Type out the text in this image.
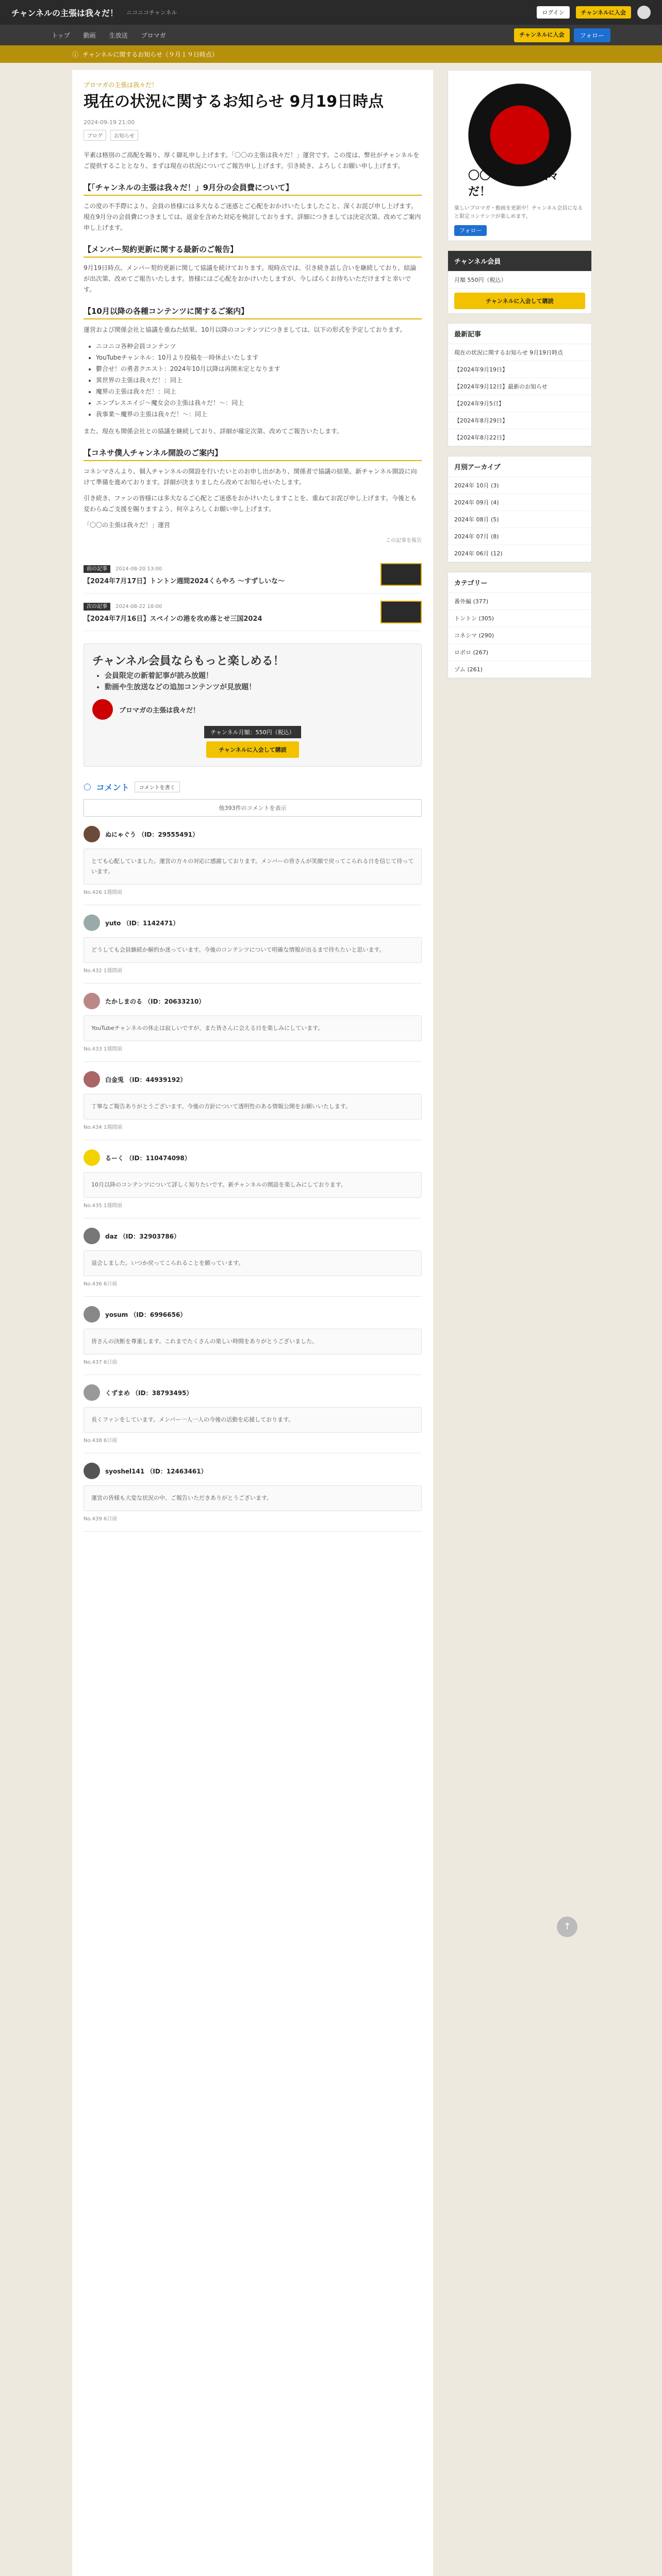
チャンネルの主張は我々だ！ ニコニコチャンネル	ログイン	チャンネルに入会
トップ 動画 生放送 ブロマガ	チャンネルに入会	フォロー
ⓘ チャンネルに関するお知らせ（９月１９日時点）
ブロマガの主張は我々だ！
現在の状況に関するお知らせ 9月19日時点
2024-09-19 21:00
ブログ お知らせ

平素は格別のご高配を賜り、厚く御礼申し上げます。「〇〇の主張は我々だ！」運営です。この度は、弊社がチャンネルをご提供することとなり、まずは現在の状況についてご報告申し上げます。引き続き、よろしくお願い申し上げます。

【「チャンネルの主張は我々だ！」9月分の会員費について】

この度の不手際により、会員の皆様には多大なるご迷惑とご心配をおかけいたしましたこと、深くお詫び申し上げます。現在9月分の会員費につきましては、返金を含めた対応を検討しております。詳細につきましては決定次第、改めてご案内申し上げます。

【メンバー契約更新に関する最新のご報告】

9月19日時点、メンバー契約更新に関して協議を続けております。現時点では、引き続き話し合いを継続しており、結論が出次第、改めてご報告いたします。皆様にはご心配をおかけいたしますが、今しばらくお待ちいただけますと幸いです。

【10月以降の各種コンテンツに関するご案内】

運営および関係会社と協議を重ねた結果、10月以降のコンテンツにつきましては、以下の形式を予定しております。

• ニコニコ各种会員コンテンツ
• YouTubeチャンネル：10月より投稿を一時休止いたします
• 鬱合せ！の勇者クエスト：2024年10月以降は再開未定となります
• 異世界の主張は我々だ！：同上
• 魔界の主張は我々だ！：同上
• エンプレスエイジ〜魔女会の主張は我々だ！〜：同上
• 我事業～魔界の主張は我々だ！～：同上

また、現在も関係会社との協議を継続しており、詳細が確定次第、改めてご報告いたします。

【コネサ僕人チャンネル開設のご案内】

コネシマさんより、個人チャンネルの開設を行いたいとのお申し出があり、関係者で協議の結果、新チャンネル開設に向けて準備を進めております。詳細が決まりましたら改めてお知らせいたします。

引き続き、ファンの皆様には多大なるご心配とご迷惑をおかけいたしますことを、重ねてお詫び申し上げます。今後とも変わらぬご支援を賜りますよう、何卒よろしくお願い申し上げます。

「〇〇の主張は我々だ！」運営

この記事を報告
前の記事 2024-08-20 13:00
【2024年7月17日】トントン週間2024くらやろ ～すずしいな～
次の記事 2024-08-22 18:00
【2024年7月16日】スペインの港を攻め落とせ三国2024
チャンネル会員ならもっと楽しめる！
• 会員限定の新着記事が読み放題！
• 動画や生放送などの追加コンテンツが見放題！
ブロマガの主張は我々だ！
チャンネル月額：550円（税込）
チャンネルに入会して購読
◯ コメント	コメントを書く
他393件のコメントを表示
ぬにゃぐう （ID：29555491）
とても心配していました。運営の方々の対応に感謝しております。メンバーの皆さんが笑顔で戻ってこられる日を信じて待っています。
No.426 1週間前
yuto （ID：1142471）
どうしても会員継続か解約か迷っています。今後のコンテンツについて明確な情報が出るまで待ちたいと思います。
No.432 1週間前
たかしまのる （ID：20633210）
YouTubeチャンネルの休止は寂しいですが、また皆さんに会える日を楽しみにしています。
No.433 1週間前
白金兎 （ID：44939192）
丁寧なご報告ありがとうございます。今後の方針について透明性のある情報公開をお願いいたします。
No.434 1週間前
るーく （ID：110474098）
10月以降のコンテンツについて詳しく知りたいです。新チャンネルの開設を楽しみにしております。
No.435 1週間前
daz （ID：32903786）
退会しました。いつか戻ってこられることを願っています。
No.436 6日前
yosum （ID：6996656）
皆さんの決断を尊重します。これまでたくさんの楽しい時間をありがとうございました。
No.437 6日前
くずまめ （ID：38793495）
長くファンをしています。メンバー一人一人の今後の活動を応援しております。
No.438 6日前
syoshel141 （ID：12463461）
運営の皆様も大変な状況の中、ご報告いただきありがとうございます。
No.439 6日前
〇〇の主張は我々だ！
楽しいブロマガ・動画を更新中！チャンネル会員になると限定コンテンツが楽しめます。
フォロー
チャンネル会員
月額 550円（税込）
チャンネルに入会して購読
最新記事
現在の状況に関するお知らせ 9月19日時点
【2024年9月19日】
【2024年9月12日】最新のお知らせ
【2024年9月5日】
【2024年8月29日】
【2024年8月22日】
月別アーカイブ
2024年 10月 (3)
2024年 09月 (4)
2024年 08月 (5)
2024年 07月 (8)
2024年 06月 (12)
カテゴリー
番外編 (377)
トントン (305)
コネシマ (290)
ロボロ (267)
ゾム (261)
↑
